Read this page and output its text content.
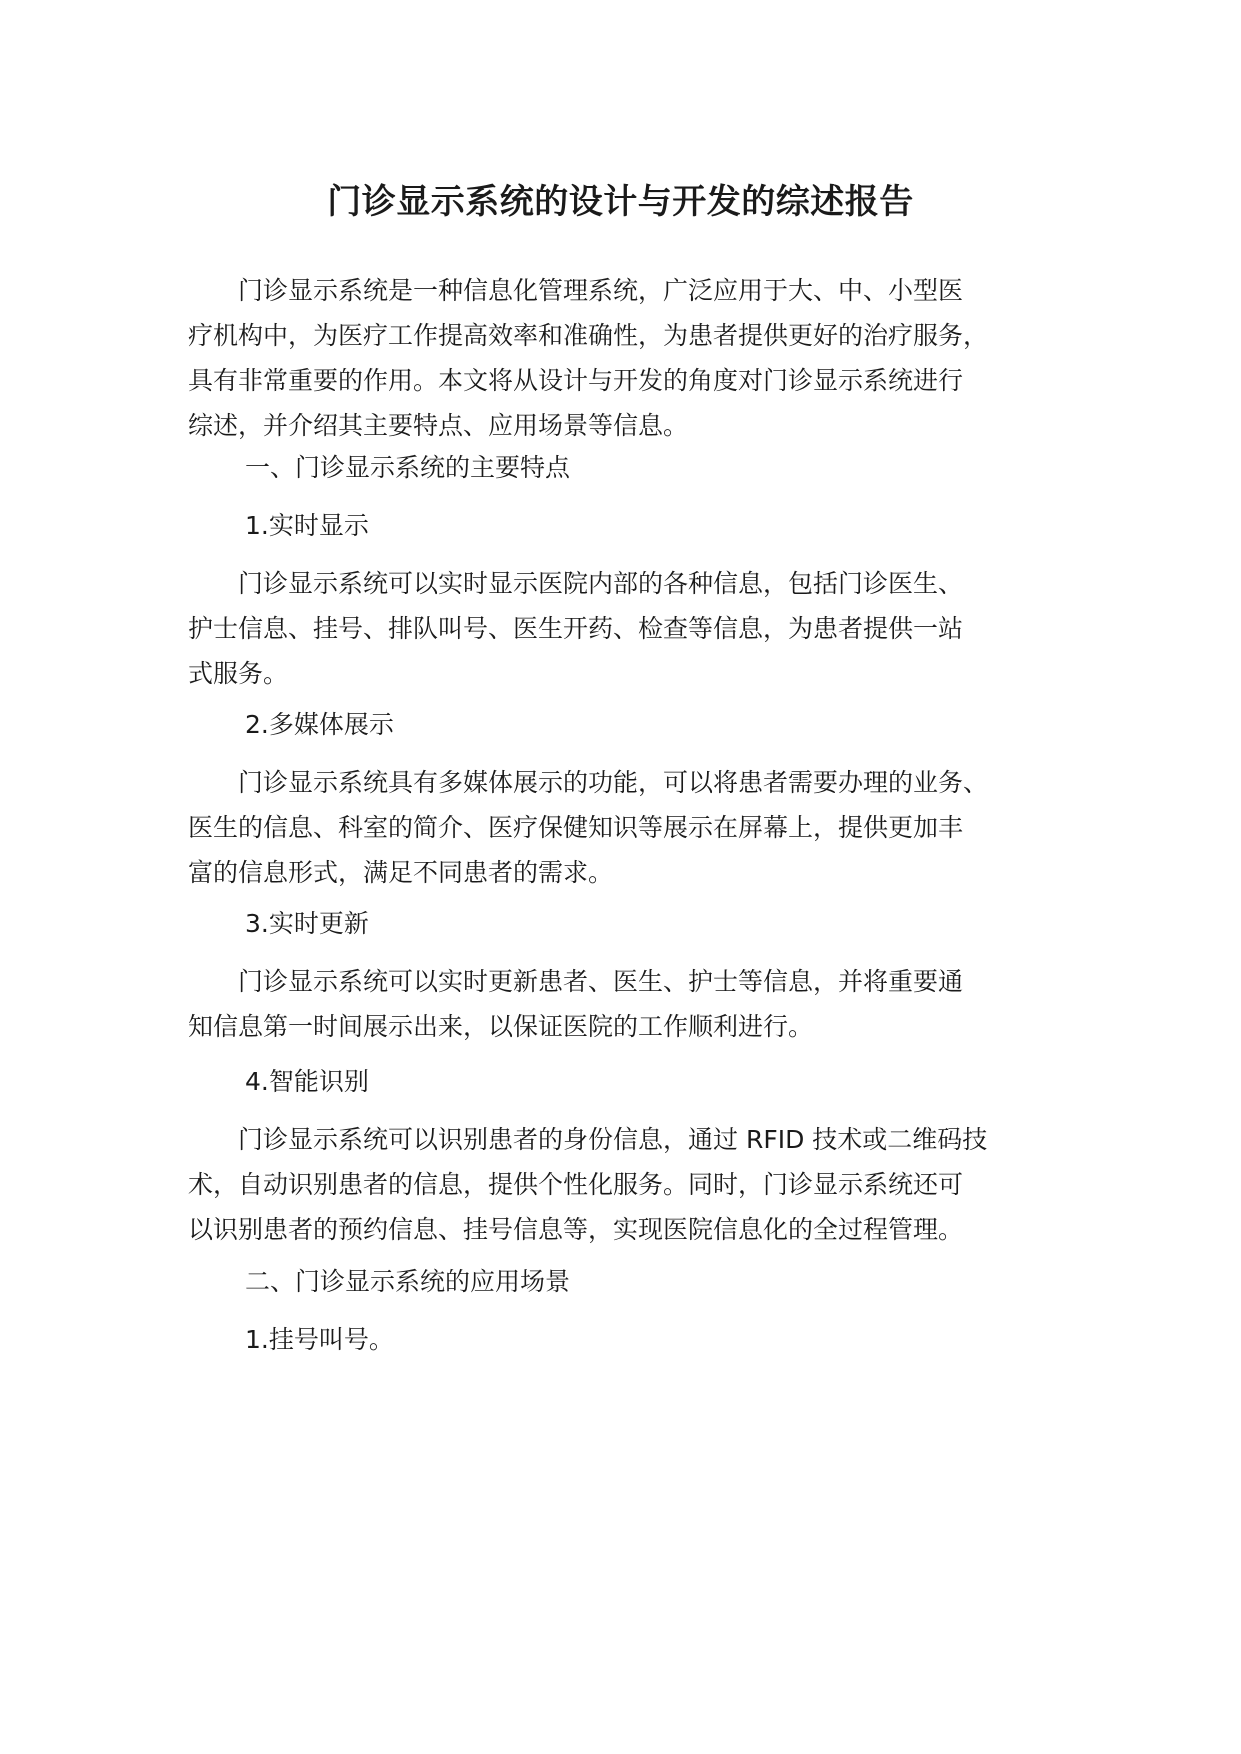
门诊显示系统的设计与开发的综述报告
　　门诊显示系统是一种信息化管理系统，广泛应用于大、中、小型医
疗机构中，为医疗工作提高效率和准确性，为患者提供更好的治疗服务，
具有非常重要的作用。本文将从设计与开发的角度对门诊显示系统进行
综述，并介绍其主要特点、应用场景等信息。
一、门诊显示系统的主要特点
1.实时显示
　　门诊显示系统可以实时显示医院内部的各种信息，包括门诊医生、
护士信息、挂号、排队叫号、医生开药、检查等信息，为患者提供一站
式服务。
2.多媒体展示
　　门诊显示系统具有多媒体展示的功能，可以将患者需要办理的业务、
医生的信息、科室的简介、医疗保健知识等展示在屏幕上，提供更加丰
富的信息形式，满足不同患者的需求。
3.实时更新
　　门诊显示系统可以实时更新患者、医生、护士等信息，并将重要通
知信息第一时间展示出来，以保证医院的工作顺利进行。
4.智能识别
　　门诊显示系统可以识别患者的身份信息，通过 RFID 技术或二维码技
术，自动识别患者的信息，提供个性化服务。同时，门诊显示系统还可
以识别患者的预约信息、挂号信息等，实现医院信息化的全过程管理。
二、门诊显示系统的应用场景
1.挂号叫号。
